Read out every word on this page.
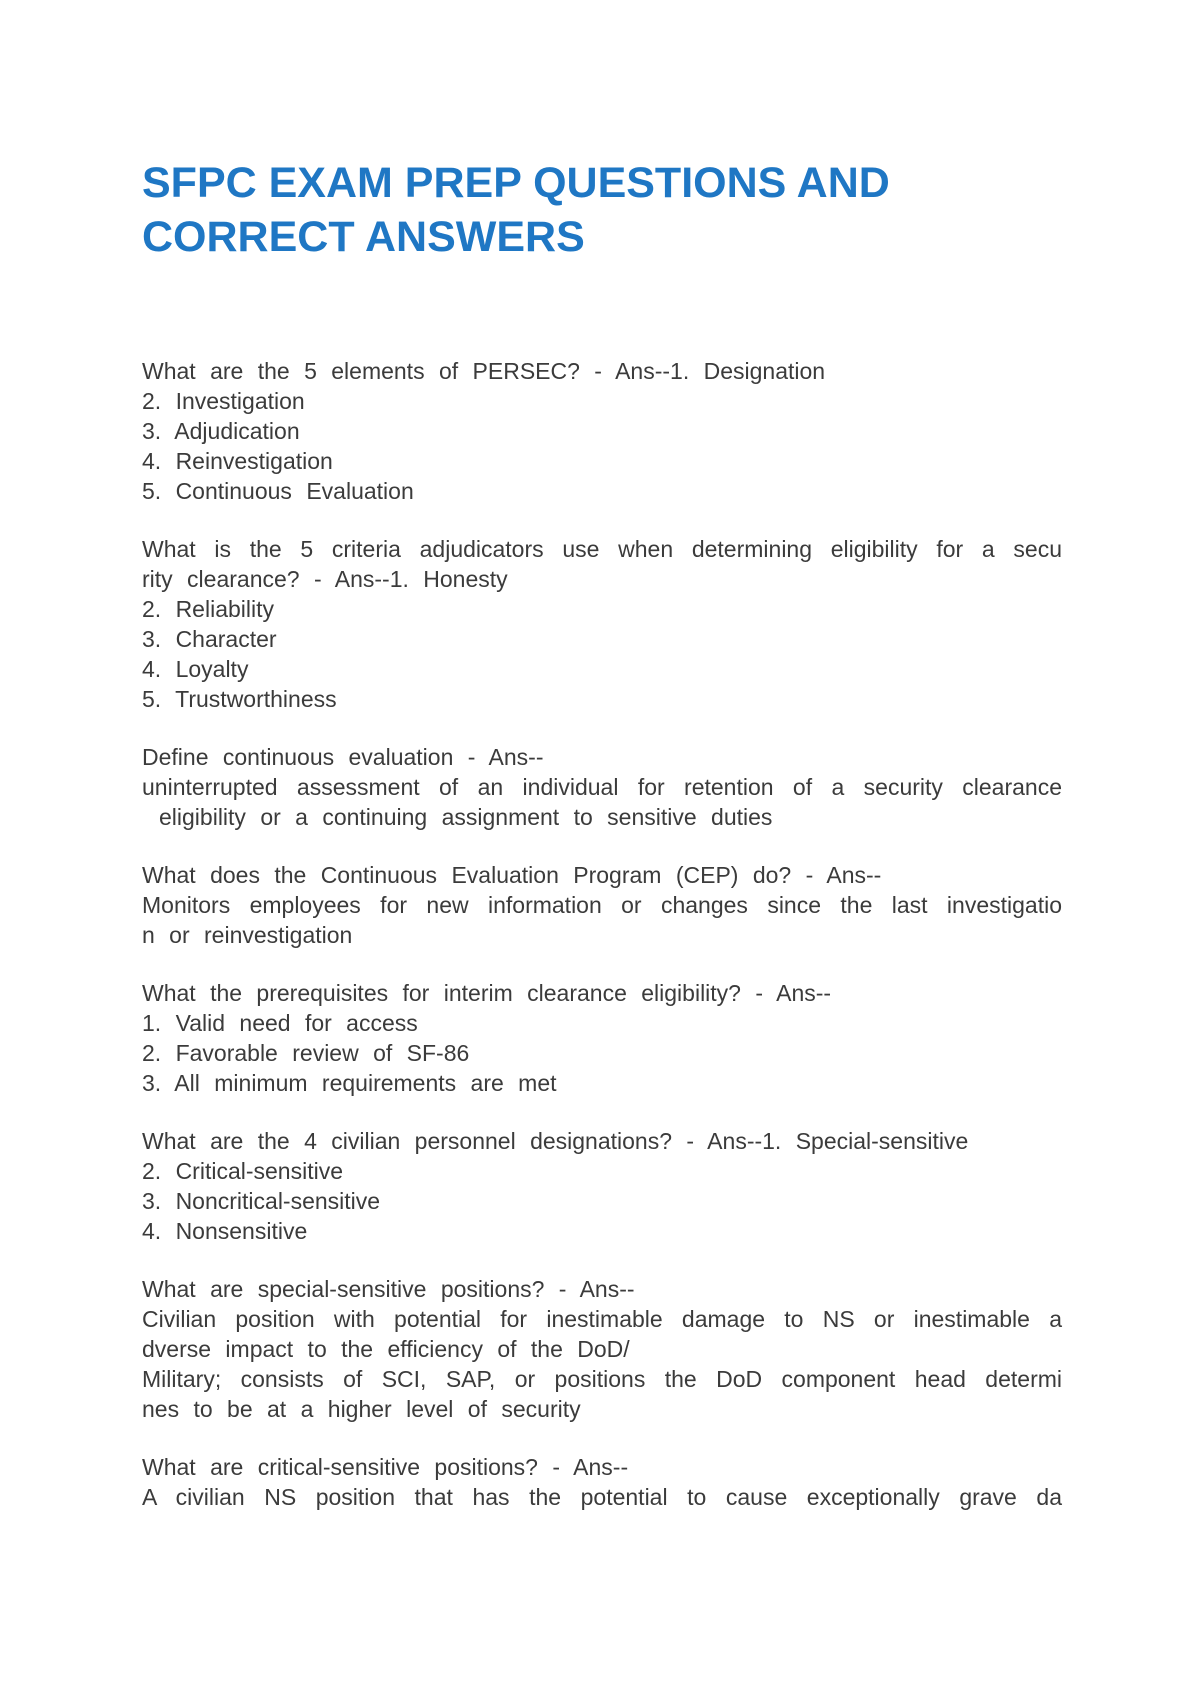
SFPC EXAM PREP QUESTIONS AND
CORRECT ANSWERS
What are the 5 elements of PERSEC? - Ans--1. Designation
2. Investigation
3. Adjudication
4. Reinvestigation
5. Continuous Evaluation
What is the 5 criteria adjudicators use when determining eligibility for a secu
rity clearance? - Ans--1. Honesty
2. Reliability
3. Character
4. Loyalty
5. Trustworthiness
Define continuous evaluation - Ans--
uninterrupted assessment of an individual for retention of a security clearance
eligibility or a continuing assignment to sensitive duties
What does the Continuous Evaluation Program (CEP) do? - Ans--
Monitors employees for new information or changes since the last investigatio
n or reinvestigation
What the prerequisites for interim clearance eligibility? - Ans--
1. Valid need for access
2. Favorable review of SF-86
3. All minimum requirements are met
What are the 4 civilian personnel designations? - Ans--1. Special-sensitive
2. Critical-sensitive
3. Noncritical-sensitive
4. Nonsensitive
What are special-sensitive positions? - Ans--
Civilian position with potential for inestimable damage to NS or inestimable a
dverse impact to the efficiency of the DoD/
Military; consists of SCI, SAP, or positions the DoD component head determi
nes to be at a higher level of security
What are critical-sensitive positions? - Ans--
A civilian NS position that has the potential to cause exceptionally grave da
